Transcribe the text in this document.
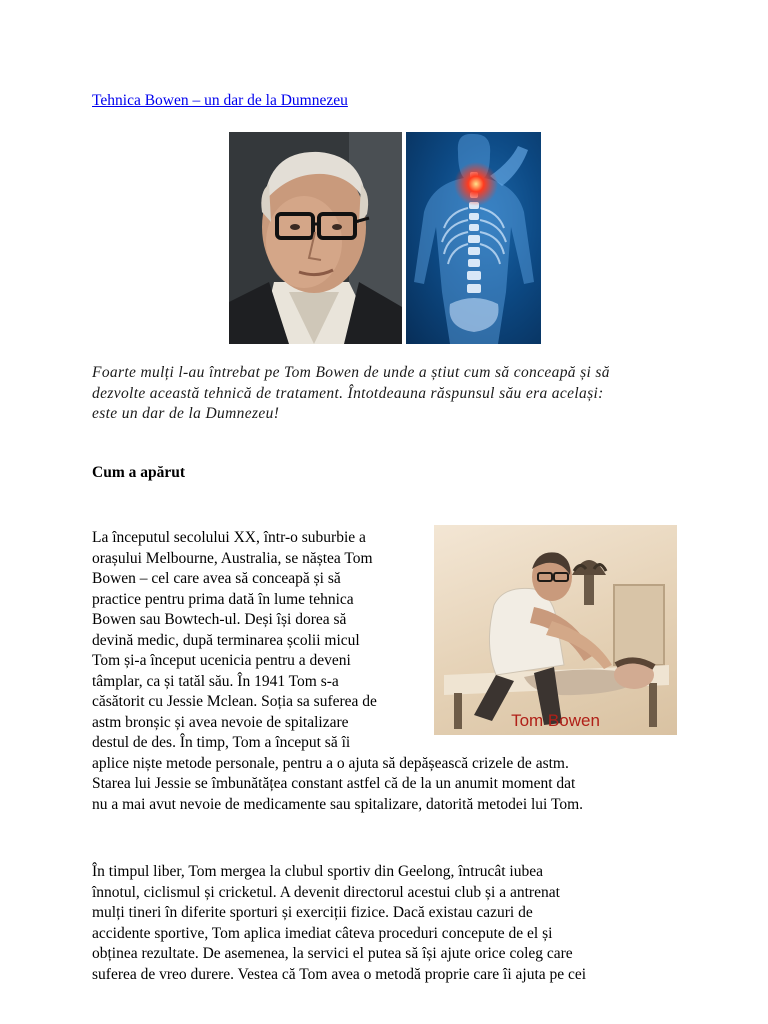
Tehnica Bowen – un dar de la Dumnezeu

Foarte mulți l-au întrebat pe Tom Bowen de unde a știut cum să conceapă și să
dezvolte această tehnică de tratament. Întotdeauna răspunsul său era același:
este un dar de la Dumnezeu!

Cum a apărut
La începutul secolului XX, într-o suburbie a
orașului Melbourne, Australia, se năștea Tom
Bowen – cel care avea să conceapă și să
practice pentru prima dată în lume tehnica
Bowen sau Bowtech-ul. Deși își dorea să
devină medic, după terminarea școlii micul
Tom și-a început ucenicia pentru a deveni
tâmplar, ca și tatăl său. În 1941 Tom s-a
căsătorit cu Jessie Mclean. Soția sa suferea de
astm bronșic și avea nevoie de spitalizare
destul de des. În timp, Tom a început să îi
aplice niște metode personale, pentru a o ajuta să depășească crizele de astm.
Starea lui Jessie se îmbunătățea constant astfel că de la un anumit moment dat
nu a mai avut nevoie de medicamente sau spitalizare, datorită metodei lui Tom.
Tom Bowen
În timpul liber, Tom mergea la clubul sportiv din Geelong, întrucât iubea
înnotul, ciclismul și cricketul. A devenit directorul acestui club și a antrenat
mulți tineri în diferite sporturi și exerciții fizice. Dacă existau cazuri de
accidente sportive, Tom aplica imediat câteva proceduri concepute de el și
obținea rezultate. De asemenea, la servici el putea să își ajute orice coleg care
suferea de vreo durere. Vestea că Tom avea o metodă proprie care îi ajuta pe cei
